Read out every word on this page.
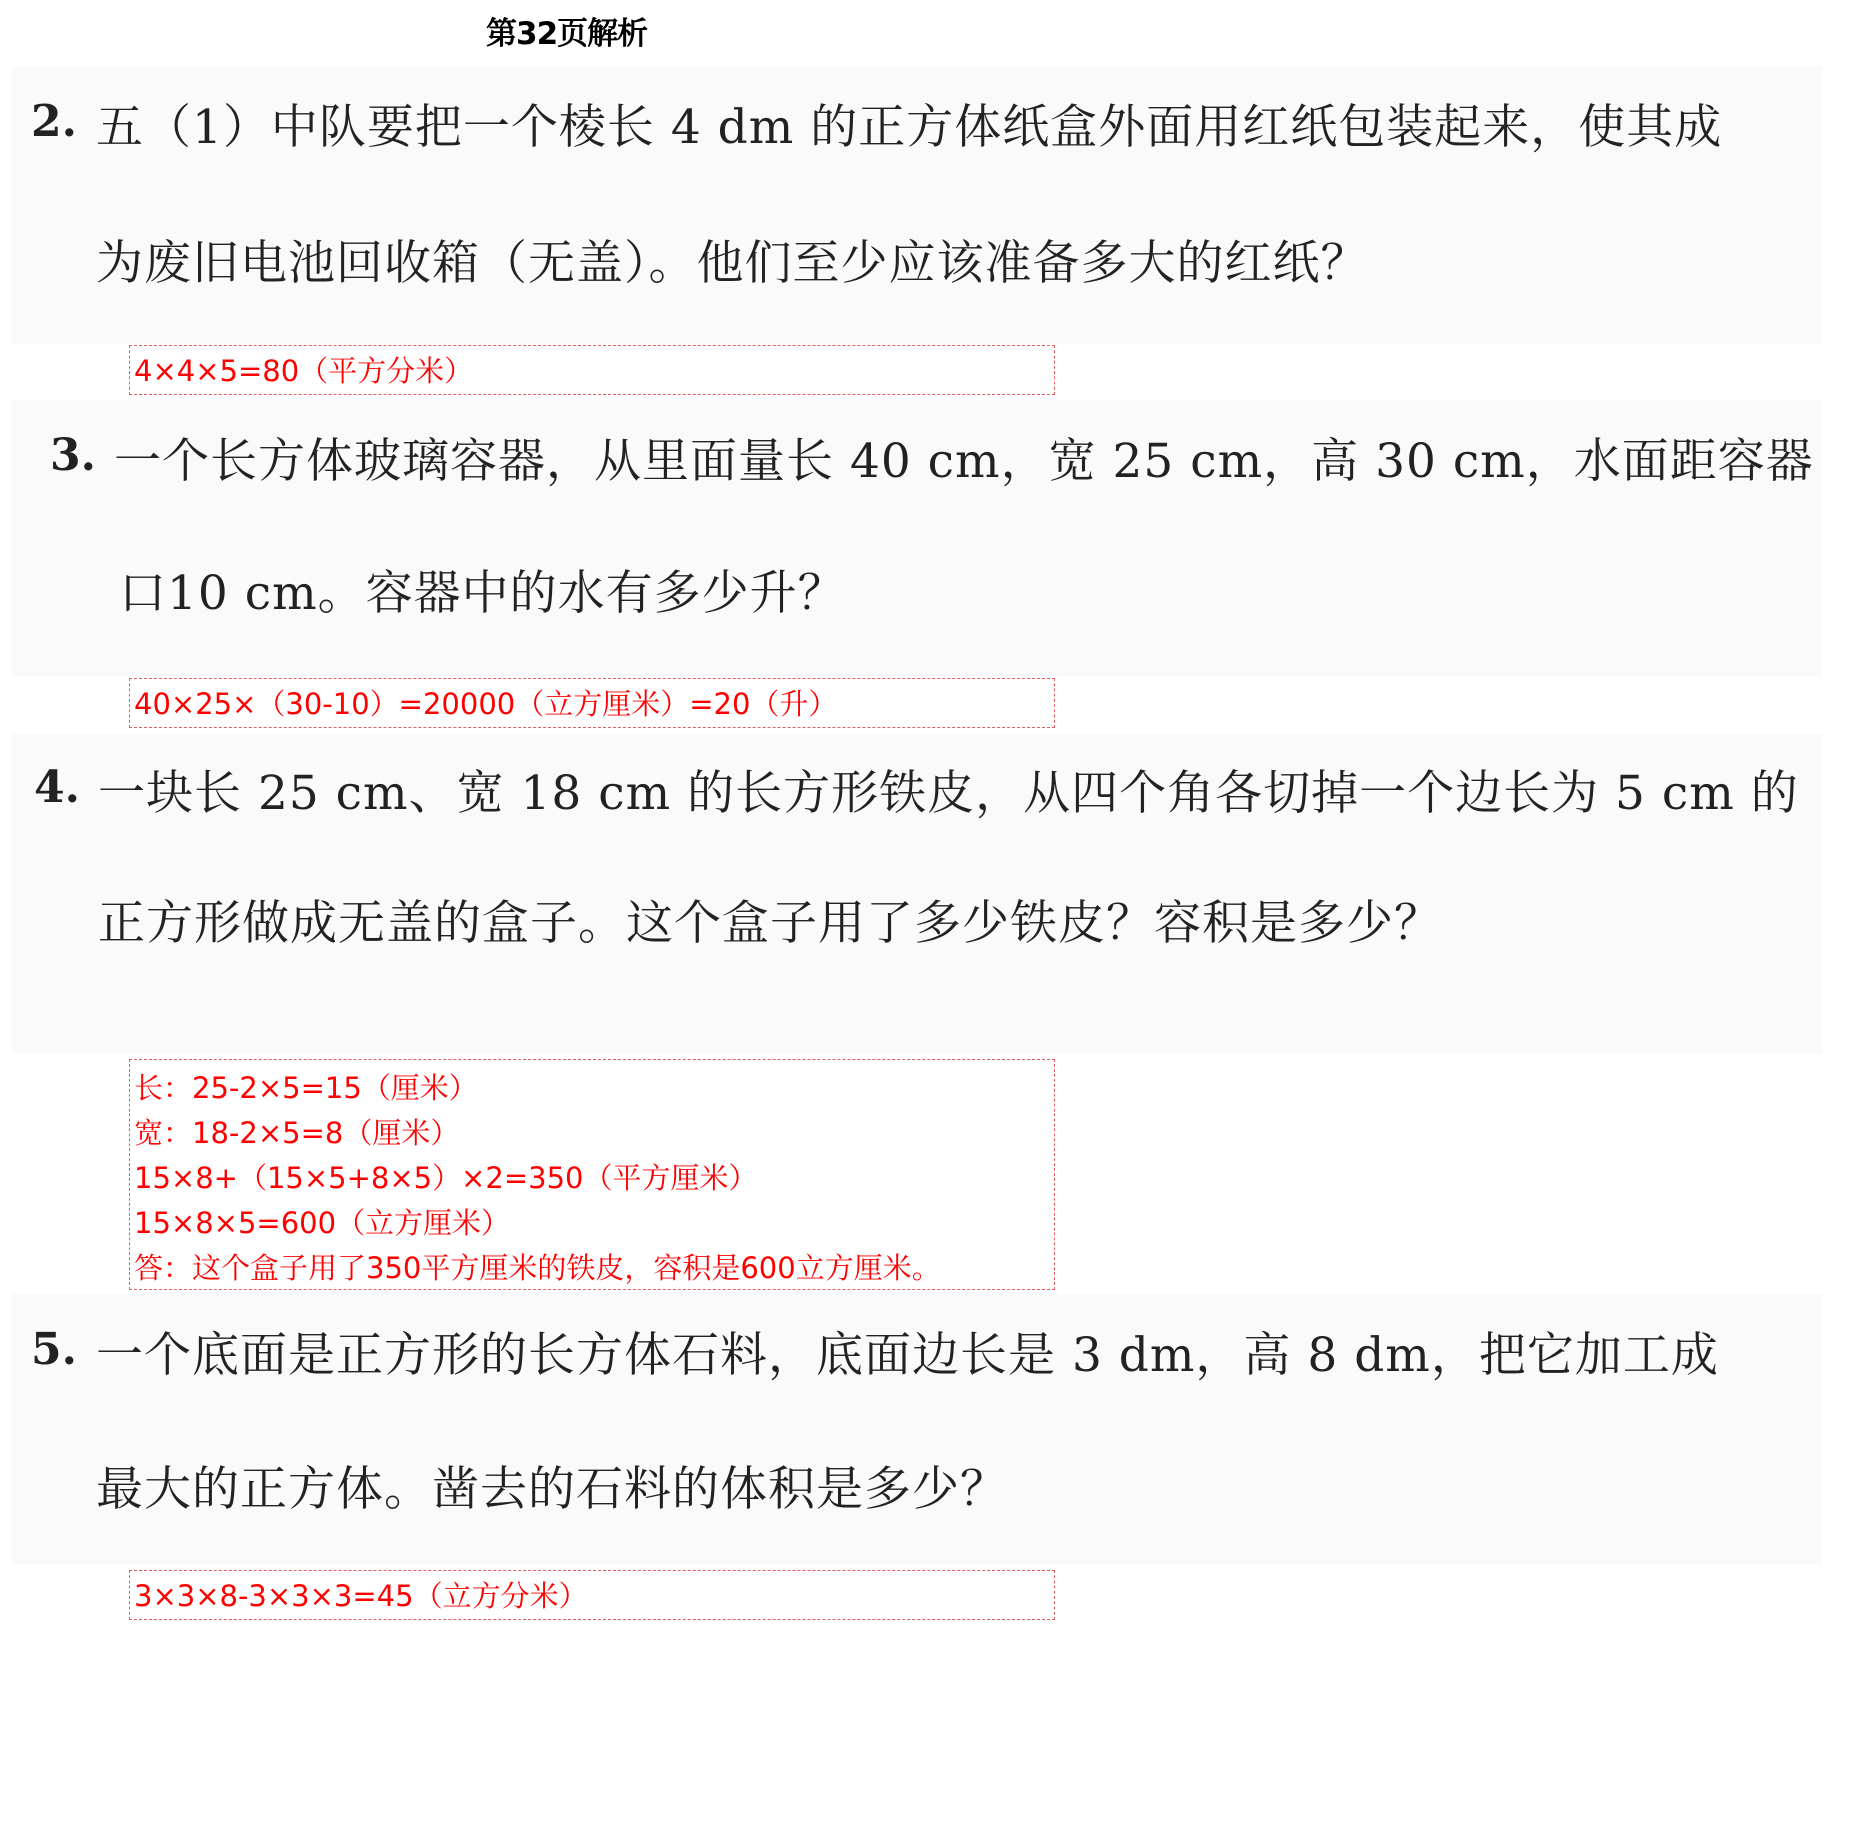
第32页解析
2. 五（1）中队要把一个棱长 4 dm 的正方体纸盒外面用红纸包装起来，使其成
为废旧电池回收箱（无盖）。他们至少应该准备多大的红纸？
4×4×5=80（平方分米）
3. 一个长方体玻璃容器，从里面量长 40 cm，宽 25 cm，高 30 cm，水面距容器
口10 cm。容器中的水有多少升？
40×25×（30-10）=20000（立方厘米）=20（升）
4. 一块长 25 cm、宽 18 cm 的长方形铁皮，从四个角各切掉一个边长为 5 cm 的
正方形做成无盖的盒子。这个盒子用了多少铁皮？容积是多少？
长：25-2×5=15（厘米）
宽：18-2×5=8（厘米）
15×8+（15×5+8×5）×2=350（平方厘米）
15×8×5=600（立方厘米）
答：这个盒子用了350平方厘米的铁皮，容积是600立方厘米。
5. 一个底面是正方形的长方体石料，底面边长是 3 dm，高 8 dm，把它加工成
最大的正方体。凿去的石料的体积是多少？
3×3×8-3×3×3=45（立方分米）
